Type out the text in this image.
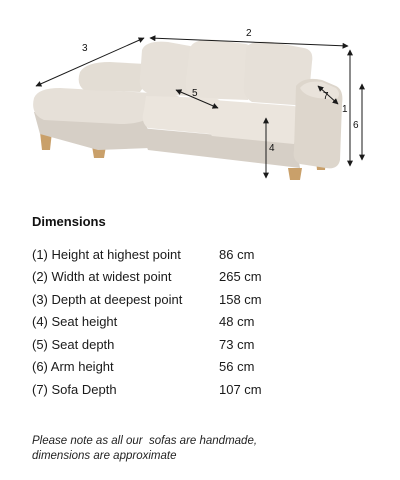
2
3
1
6
7
5
4
Dimensions
(1) Height at highest point	86 cm
(2) Width at widest point	265 cm
(3) Depth at deepest point	158 cm
(4) Seat height	48 cm
(5) Seat depth	73 cm
(6) Arm height	56 cm
(7) Sofa Depth	107 cm
Please note as all our  sofas are handmade,
dimensions are approximate
